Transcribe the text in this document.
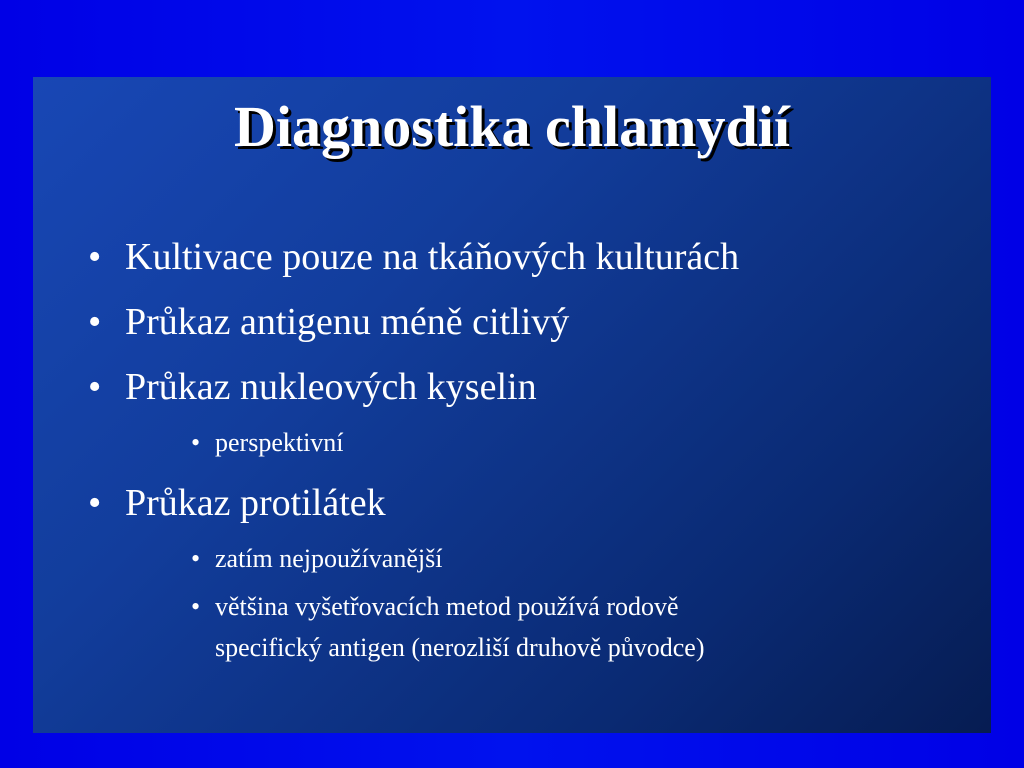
Diagnostika chlamydií
• Kultivace pouze na tkáňových kulturách
• Průkaz antigenu méně citlivý
• Průkaz nukleových kyselin
• perspektivní
• Průkaz protilátek
• zatím nejpoužívanější
• většina vyšetřovacích metod používá rodově
specifický antigen (nerozliší druhově původce)
